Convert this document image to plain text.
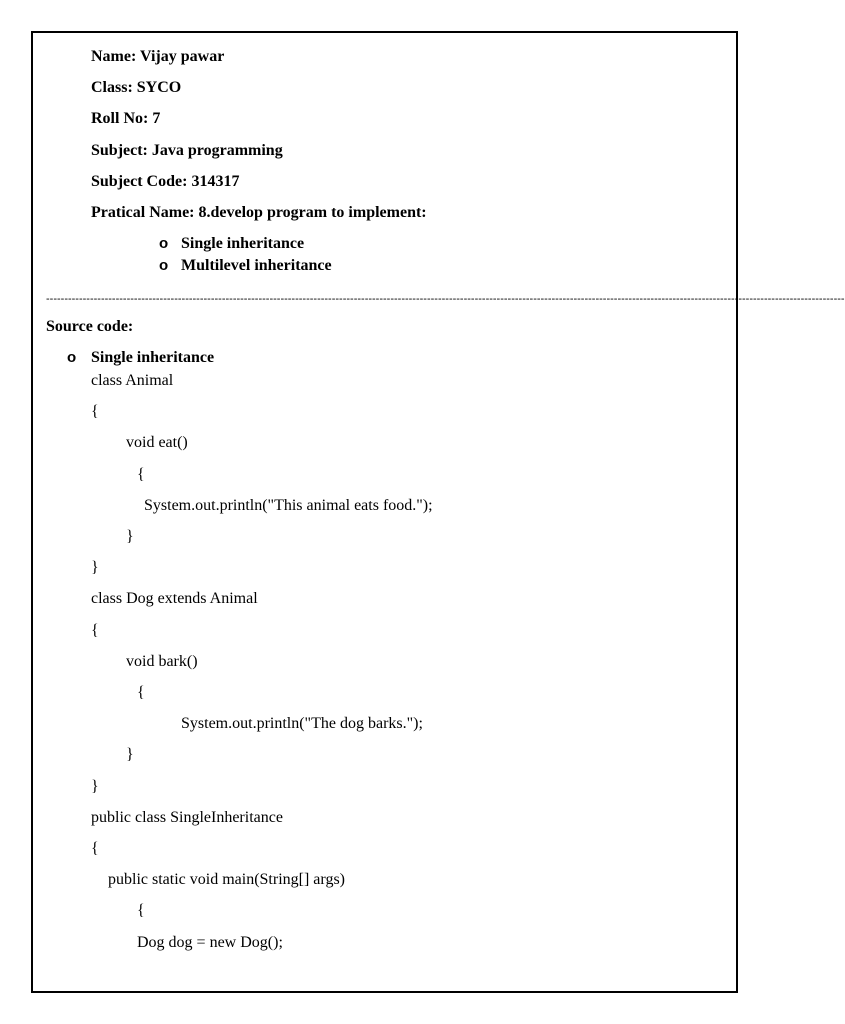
Name: Vijay pawar
Class: SYCO
Roll No: 7
Subject: Java programming
Subject Code: 314317
Pratical Name: 8.develop program to implement:
o Single inheritance
o Multilevel inheritance
--------------------------------------------------------------------------------------------------------------------------------------------------------------------------------------------------------------------------
Source code:
o Single inheritance
class Animal
{
void eat()
{
System.out.println("This animal eats food.");
}
}
class Dog extends Animal
{
void bark()
{
System.out.println("The dog barks.");
}
}
public class SingleInheritance
{
public static void main(String[] args)
{
Dog dog = new Dog();
